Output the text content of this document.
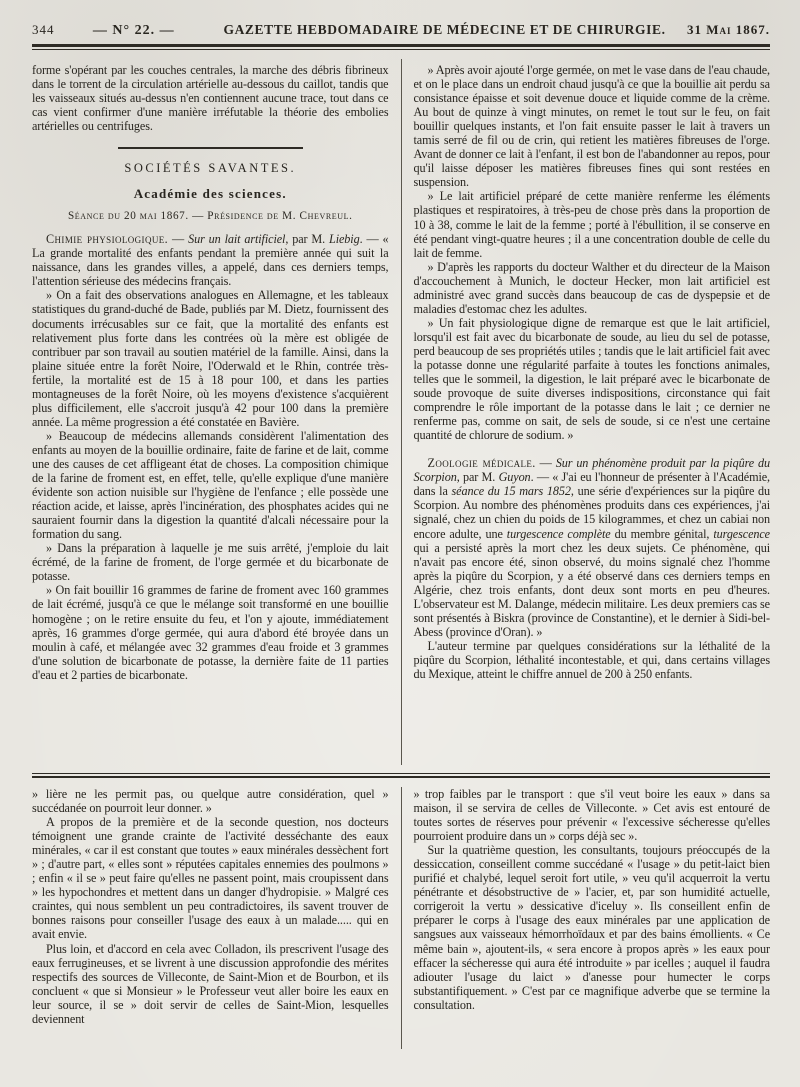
344	— N° 22. —	GAZETTE HEBDOMADAIRE DE MÉDECINE ET DE CHIRURGIE.	31 Mai 1867.

forme s'opérant par les couches centrales, la marche des débris fibrineux dans le torrent de la circulation artérielle au-dessous du caillot, tandis que les vaisseaux situés au-dessus n'en contiennent aucune trace, tout dans ce cas vient confirmer d'une manière irréfutable la théorie des embolies artérielles ou centrifuges.

SOCIÉTÉS SAVANTES.
Académie des sciences.

Séance du 20 mai 1867. — Présidence de M. Chevreul.

Chimie physiologique. — Sur un lait artificiel, par M. Liebig. — « La grande mortalité des enfants pendant la première année qui suit la naissance, dans les grandes villes, a appelé, dans ces derniers temps, l'attention sérieuse des médecins français.

» On a fait des observations analogues en Allemagne, et les tableaux statistiques du grand-duché de Bade, publiés par M. Dietz, fournissent des documents irrécusables sur ce fait, que la mortalité des enfants est relativement plus forte dans les contrées où la mère est obligée de contribuer par son travail au soutien matériel de la famille. Ainsi, dans la plaine située entre la forêt Noire, l'Oderwald et le Rhin, contrée très-fertile, la mortalité est de 15 à 18 pour 100, et dans les parties montagneuses de la forêt Noire, où les moyens d'existence s'acquièrent plus difficilement, elle s'accroit jusqu'à 42 pour 100 dans la première année. La même progression a été constatée en Bavière.

» Beaucoup de médecins allemands considèrent l'alimentation des enfants au moyen de la bouillie ordinaire, faite de farine et de lait, comme une des causes de cet affligeant état de choses. La composition chimique de la farine de froment est, en effet, telle, qu'elle explique d'une manière évidente son action nuisible sur l'hygiène de l'enfance ; elle possède une réaction acide, et laisse, après l'incinération, des phosphates acides qui ne sauraient fournir dans la digestion la quantité d'alcali nécessaire pour la formation du sang.

» Dans la préparation à laquelle je me suis arrêté, j'emploie du lait écrémé, de la farine de froment, de l'orge germée et du bicarbonate de potasse.

» On fait bouillir 16 grammes de farine de froment avec 160 grammes de lait écrémé, jusqu'à ce que le mélange soit transformé en une bouillie homogène ; on le retire ensuite du feu, et l'on y ajoute, immédiatement après, 16 grammes d'orge germée, qui aura d'abord été broyée dans un moulin à café, et mélangée avec 32 grammes d'eau froide et 3 grammes d'une solution de bicarbonate de potasse, la dernière faite de 11 parties d'eau et 2 parties de bicarbonate.

» Après avoir ajouté l'orge germée, on met le vase dans de l'eau chaude, et on le place dans un endroit chaud jusqu'à ce que la bouillie ait perdu sa consistance épaisse et soit devenue douce et liquide comme de la crème. Au bout de quinze à vingt minutes, on remet le tout sur le feu, on fait bouillir quelques instants, et l'on fait ensuite passer le lait à travers un tamis serré de fil ou de crin, qui retient les matières fibreuses de l'orge. Avant de donner ce lait à l'enfant, il est bon de l'abandonner au repos, pour qu'il laisse déposer les matières fibreuses fines qui sont restées en suspension.

» Le lait artificiel préparé de cette manière renferme les éléments plastiques et respiratoires, à très-peu de chose près dans la proportion de 10 à 38, comme le lait de la femme ; porté à l'ébullition, il se conserve en été pendant vingt-quatre heures ; il a une concentration double de celle du lait de femme.

» D'après les rapports du docteur Walther et du directeur de la Maison d'accouchement à Munich, le docteur Hecker, mon lait artificiel est administré avec grand succès dans beaucoup de cas de dyspepsie et de maladies d'estomac chez les adultes.

» Un fait physiologique digne de remarque est que le lait artificiel, lorsqu'il est fait avec du bicarbonate de soude, au lieu du sel de potasse, perd beaucoup de ses propriétés utiles ; tandis que le lait artificiel fait avec la potasse donne une régularité parfaite à toutes les fonctions animales, telles que le sommeil, la digestion, le lait préparé avec le bicarbonate de soude provoque de suite diverses indispositions, circonstance qui fait comprendre le rôle important de la potasse dans le lait ; ce dernier ne renferme pas, comme on sait, de sels de soude, si ce n'est une certaine quantité de chlorure de sodium. »

Zoologie médicale. — Sur un phénomène produit par la piqûre du Scorpion, par M. Guyon. — « J'ai eu l'honneur de présenter à l'Académie, dans la séance du 15 mars 1852, une série d'expériences sur la piqûre du Scorpion. Au nombre des phénomènes produits dans ces expériences, j'ai signalé, chez un chien du poids de 15 kilogrammes, et chez un cabiai non encore adulte, une turgescence complète du membre génital, turgescence qui a persisté après la mort chez les deux sujets. Ce phénomène, qui n'avait pas encore été, sinon observé, du moins signalé chez l'homme après la piqûre du Scorpion, y a été observé dans ces derniers temps en Algérie, chez trois enfants, dont deux sont morts en peu d'heures. L'observateur est M. Dalange, médecin militaire. Les deux premiers cas se sont présentés à Biskra (province de Constantine), et le dernier à Sidi-bel-Abess (province d'Oran). »

L'auteur termine par quelques considérations sur la léthalité de la piqûre du Scorpion, léthalité incontestable, et qui, dans certains villages du Mexique, atteint le chiffre annuel de 200 à 250 enfants.

» lière ne les permit pas, ou quelque autre considération, quel » succédanée on pourroit leur donner. »

A propos de la première et de la seconde question, nos docteurs témoignent une grande crainte de l'activité desséchante des eaux minérales, « car il est constant que toutes » eaux minérales dessèchent fort » ; d'autre part, « elles sont » réputées capitales ennemies des poulmons » ; enfin « il se » peut faire qu'elles ne passent point, mais croupissent dans » les hypochondres et mettent dans un danger d'hydropisie. » Malgré ces craintes, qui nous semblent un peu contradictoires, ils savent trouver de bonnes raisons pour conseiller l'usage des eaux à un malade..... qui en avait envie.

Plus loin, et d'accord en cela avec Colladon, ils prescrivent l'usage des eaux ferrugineuses, et se livrent à une discussion approfondie des mérites respectifs des sources de Villeconte, de Saint-Mion et de Bourbon, et ils concluent « que si Monsieur » le Professeur veut aller boire les eaux en leur source, il se » doit servir de celles de Saint-Mion, lesquelles deviennent

» trop faibles par le transport : que s'il veut boire les eaux » dans sa maison, il se servira de celles de Villeconte. » Cet avis est entouré de toutes sortes de réserves pour prévenir « l'excessive sécheresse qu'elles pourroient produire dans un » corps déjà sec ».

Sur la quatrième question, les consultants, toujours préoccupés de la dessiccation, conseillent comme succédané « l'usage » du petit-laict bien purifié et chalybé, lequel seroit fort utile, » veu qu'il acquerroit la vertu pénétrante et désobstructive de » l'acier, et, par son humidité actuelle, corrigeroit la vertu » dessicative d'iceluy ». Ils conseillent enfin de préparer le corps à l'usage des eaux minérales par une application de sangsues aux vaisseaux hémorrhoïdaux et par des bains émollients. « Ce même bain », ajoutent-ils, « sera encore à propos après » les eaux pour effacer la sécheresse qui aura été introduite » par icelles ; auquel il faudra adiouter l'usage du laict » d'anesse pour humecter le corps substantifiquement. » C'est par ce magnifique adverbe que se termine la consultation.
